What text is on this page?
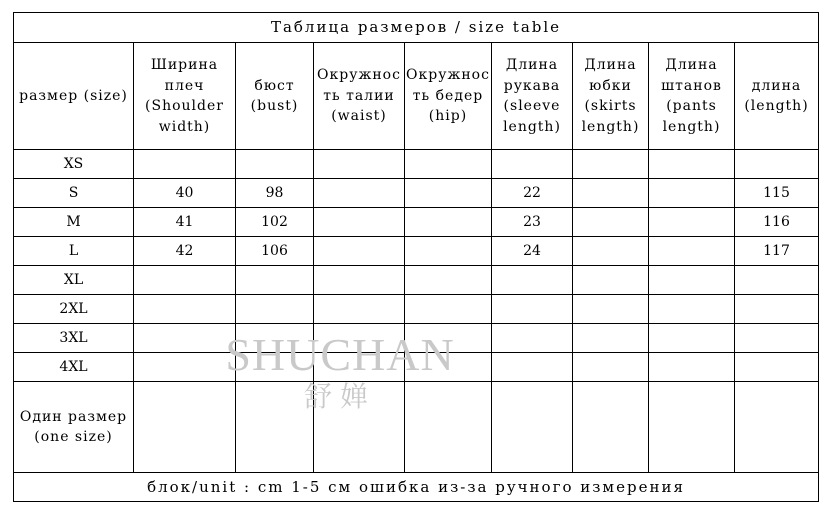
Таблица размеров / size table								
размер (size)	Ширина плеч (Shoulder width)	бюст (bust)	Окружность талии (waist)	Окружность бедер (hip)	Длина рукава (sleeve length)	Длина юбки (skirts length)	Длина штанов (pants length)	длина (length)
XS								
S	40	98			22			115
M	41	102			23			116
L	42	106			24			117
XL								
2XL								
3XL								
4XL								
Один размер (one size)								
блок/unit : cm 1-5 см ошибка из-за ручного измерения								
SHUCHAN
舒婵
